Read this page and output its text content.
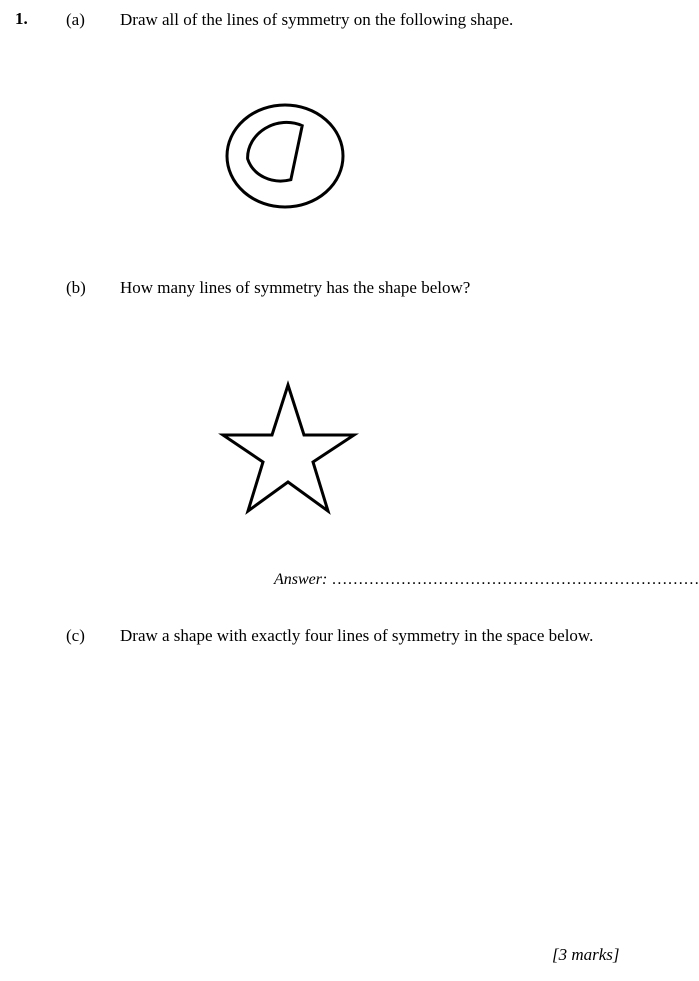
1. (a) Draw all of the lines of symmetry on the following shape.
(b) How many lines of symmetry has the shape below?
Answer: ……………………………………………………………
(c) Draw a shape with exactly four lines of symmetry in the space below.
[3 marks]
